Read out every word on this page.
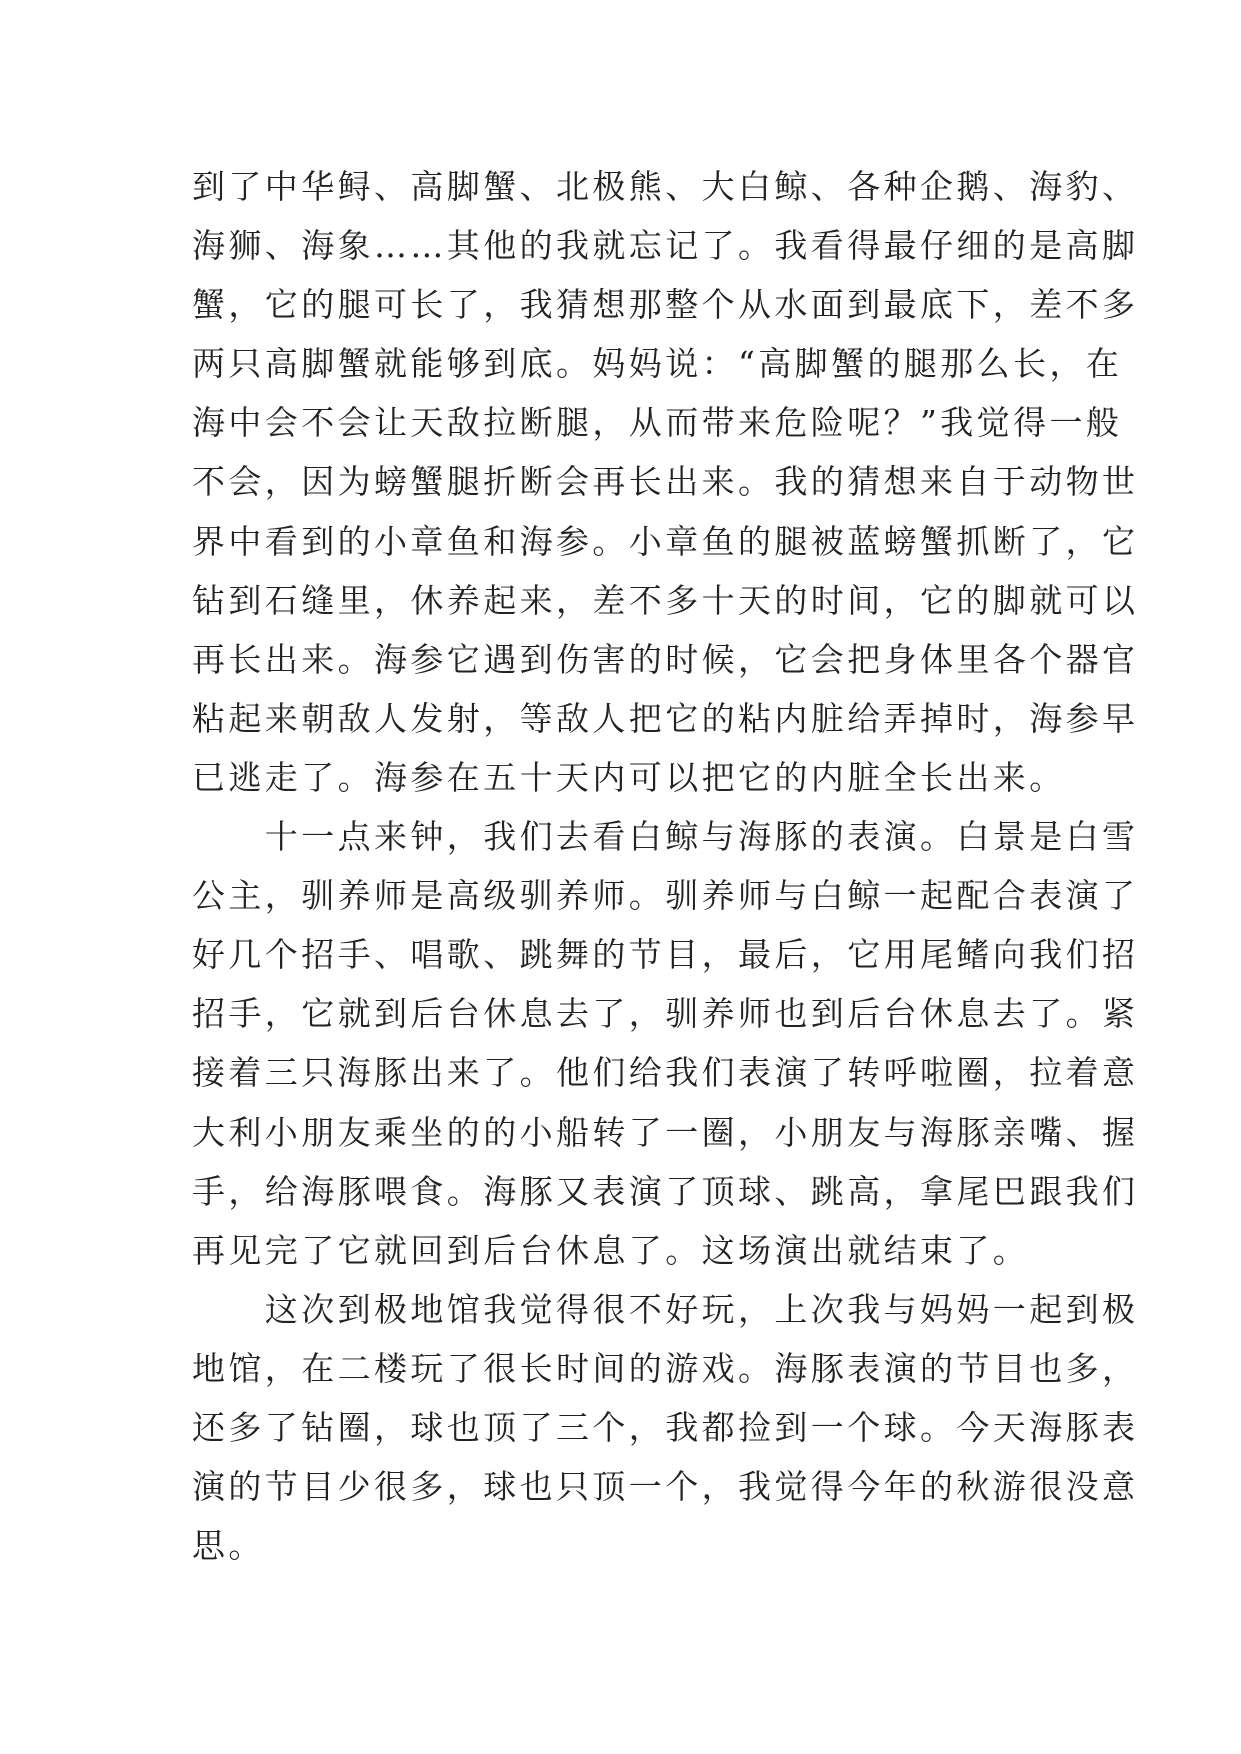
到了中华鲟、高脚蟹、北极熊、大白鲸、各种企鹅、海豹、
海狮、海象……其他的我就忘记了。我看得最仔细的是高脚
蟹，它的腿可长了，我猜想那整个从水面到最底下，差不多
两只高脚蟹就能够到底。妈妈说：“高脚蟹的腿那么长，在
海中会不会让天敌拉断腿，从而带来危险呢？”我觉得一般
不会，因为螃蟹腿折断会再长出来。我的猜想来自于动物世
界中看到的小章鱼和海参。小章鱼的腿被蓝螃蟹抓断了，它
钻到石缝里，休养起来，差不多十天的时间，它的脚就可以
再长出来。海参它遇到伤害的时候，它会把身体里各个器官
粘起来朝敌人发射，等敌人把它的粘内脏给弄掉时，海参早
已逃走了。海参在五十天内可以把它的内脏全长出来。
　　十一点来钟，我们去看白鲸与海豚的表演。白景是白雪
公主，驯养师是高级驯养师。驯养师与白鲸一起配合表演了
好几个招手、唱歌、跳舞的节目，最后，它用尾鳍向我们招
招手，它就到后台休息去了，驯养师也到后台休息去了。紧
接着三只海豚出来了。他们给我们表演了转呼啦圈，拉着意
大利小朋友乘坐的的小船转了一圈，小朋友与海豚亲嘴、握
手，给海豚喂食。海豚又表演了顶球、跳高，拿尾巴跟我们
再见完了它就回到后台休息了。这场演出就结束了。
　　这次到极地馆我觉得很不好玩，上次我与妈妈一起到极
地馆，在二楼玩了很长时间的游戏。海豚表演的节目也多，
还多了钻圈，球也顶了三个，我都捡到一个球。今天海豚表
演的节目少很多，球也只顶一个，我觉得今年的秋游很没意
思。
